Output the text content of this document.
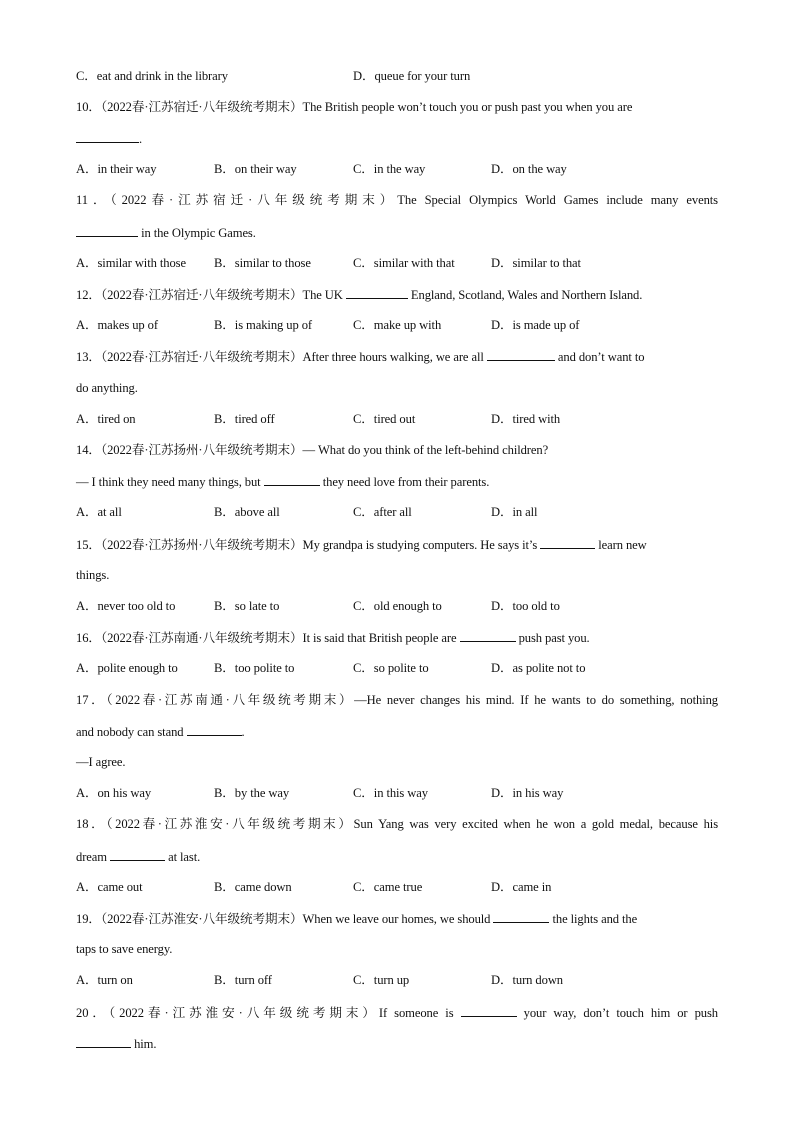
C．eat and drink in the library	D．queue for your turn
10．（2022春·江苏宿迁·八年级统考期末）The British people won’t touch you or push past you when you are
.
A．in their way	B．on their way	C．in the way	D．on the way
11．（2022春·江苏宿迁·八年级统考期末）The Special Olympics World Games include many events
in the Olympic Games.
A．similar with those B．similar to those	C．similar with that	D．similar to that
12．（2022春·江苏宿迁·八年级统考期末）The UK	England, Scotland, Wales and Northern Island.
A．makes up of	B．is making up of	C．make up with	D．is made up of
13．（2022春·江苏宿迁·八年级统考期末）After three hours walking, we are all	and don’t want to
do anything.
A．tired on	B．tired off	C．tired out	D．tired with
14．（2022春·江苏扬州·八年级统考期末）— What do you think of the left-behind children?
— I think they need many things, but	they need love from their parents.
A．at all	B．above all	C．after all	D．in all
15．（2022春·江苏扬州·八年级统考期末）My grandpa is studying computers. He says it’s	learn new
things.
A．never too old to	B．so late to	C．old enough to	D．too old to
16．（2022春·江苏南通·八年级统考期末）It is said that British people are	push past you.
A．polite enough to	B．too polite to	C．so polite to	D．as polite not to
17．（2022春·江苏南通·八年级统考期末）—He never changes his mind. If he wants to do something, nothing
and nobody can stand	.
—I agree.
A．on his way	B．by the way	C．in this way	D．in his way
18．（2022春·江苏淮安·八年级统考期末）Sun Yang was very excited when he won a gold medal, because his
dream	at last.
A．came out	B．came down	C．came true	D．came in
19．（2022春·江苏淮安·八年级统考期末）When we leave our homes, we should	the lights and the
taps to save energy.
A．turn on	B．turn off	C．turn up	D．turn down
20．（2022春·江苏淮安·八年级统考期末）If someone is	your way, don’t touch him or push
him.
